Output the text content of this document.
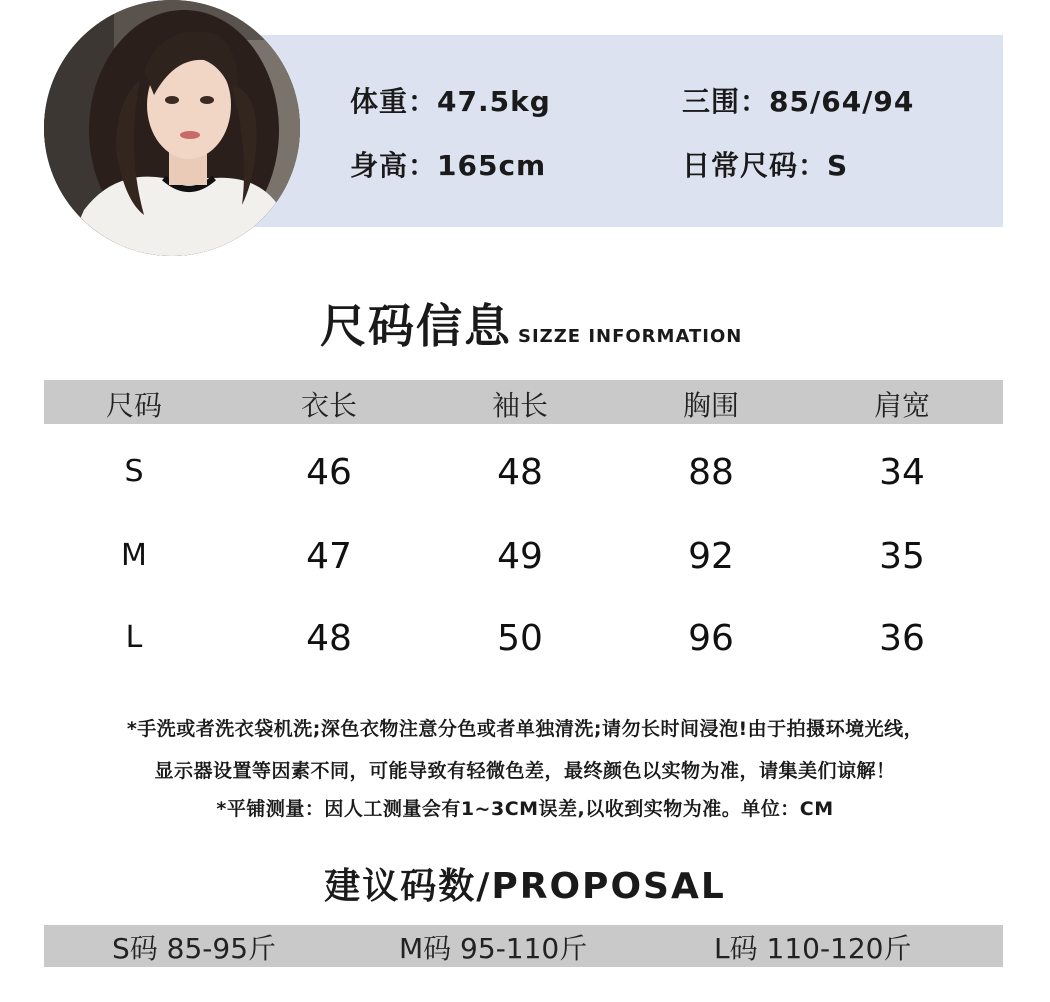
体重：47.5kg
身高：165cm
三围：85/64/94
日常尺码：S
尺码信息 SIZZE INFORMATION
尺码	衣长	袖长	胸围	肩宽
S	46	48	88	34
M	47	49	92	35
L	48	50	96	36
*手洗或者洗衣袋机洗;深色衣物注意分色或者单独清洗;请勿长时间浸泡!由于拍摄环境光线，
显示器设置等因素不同，可能导致有轻微色差，最终颜色以实物为准，请集美们谅解！
*平铺测量：因人工测量会有1~3CM误差,以收到实物为准。单位：CM
建议码数/PROPOSAL
S码 85-95斤	M码 95-110斤	L码 110-120斤
